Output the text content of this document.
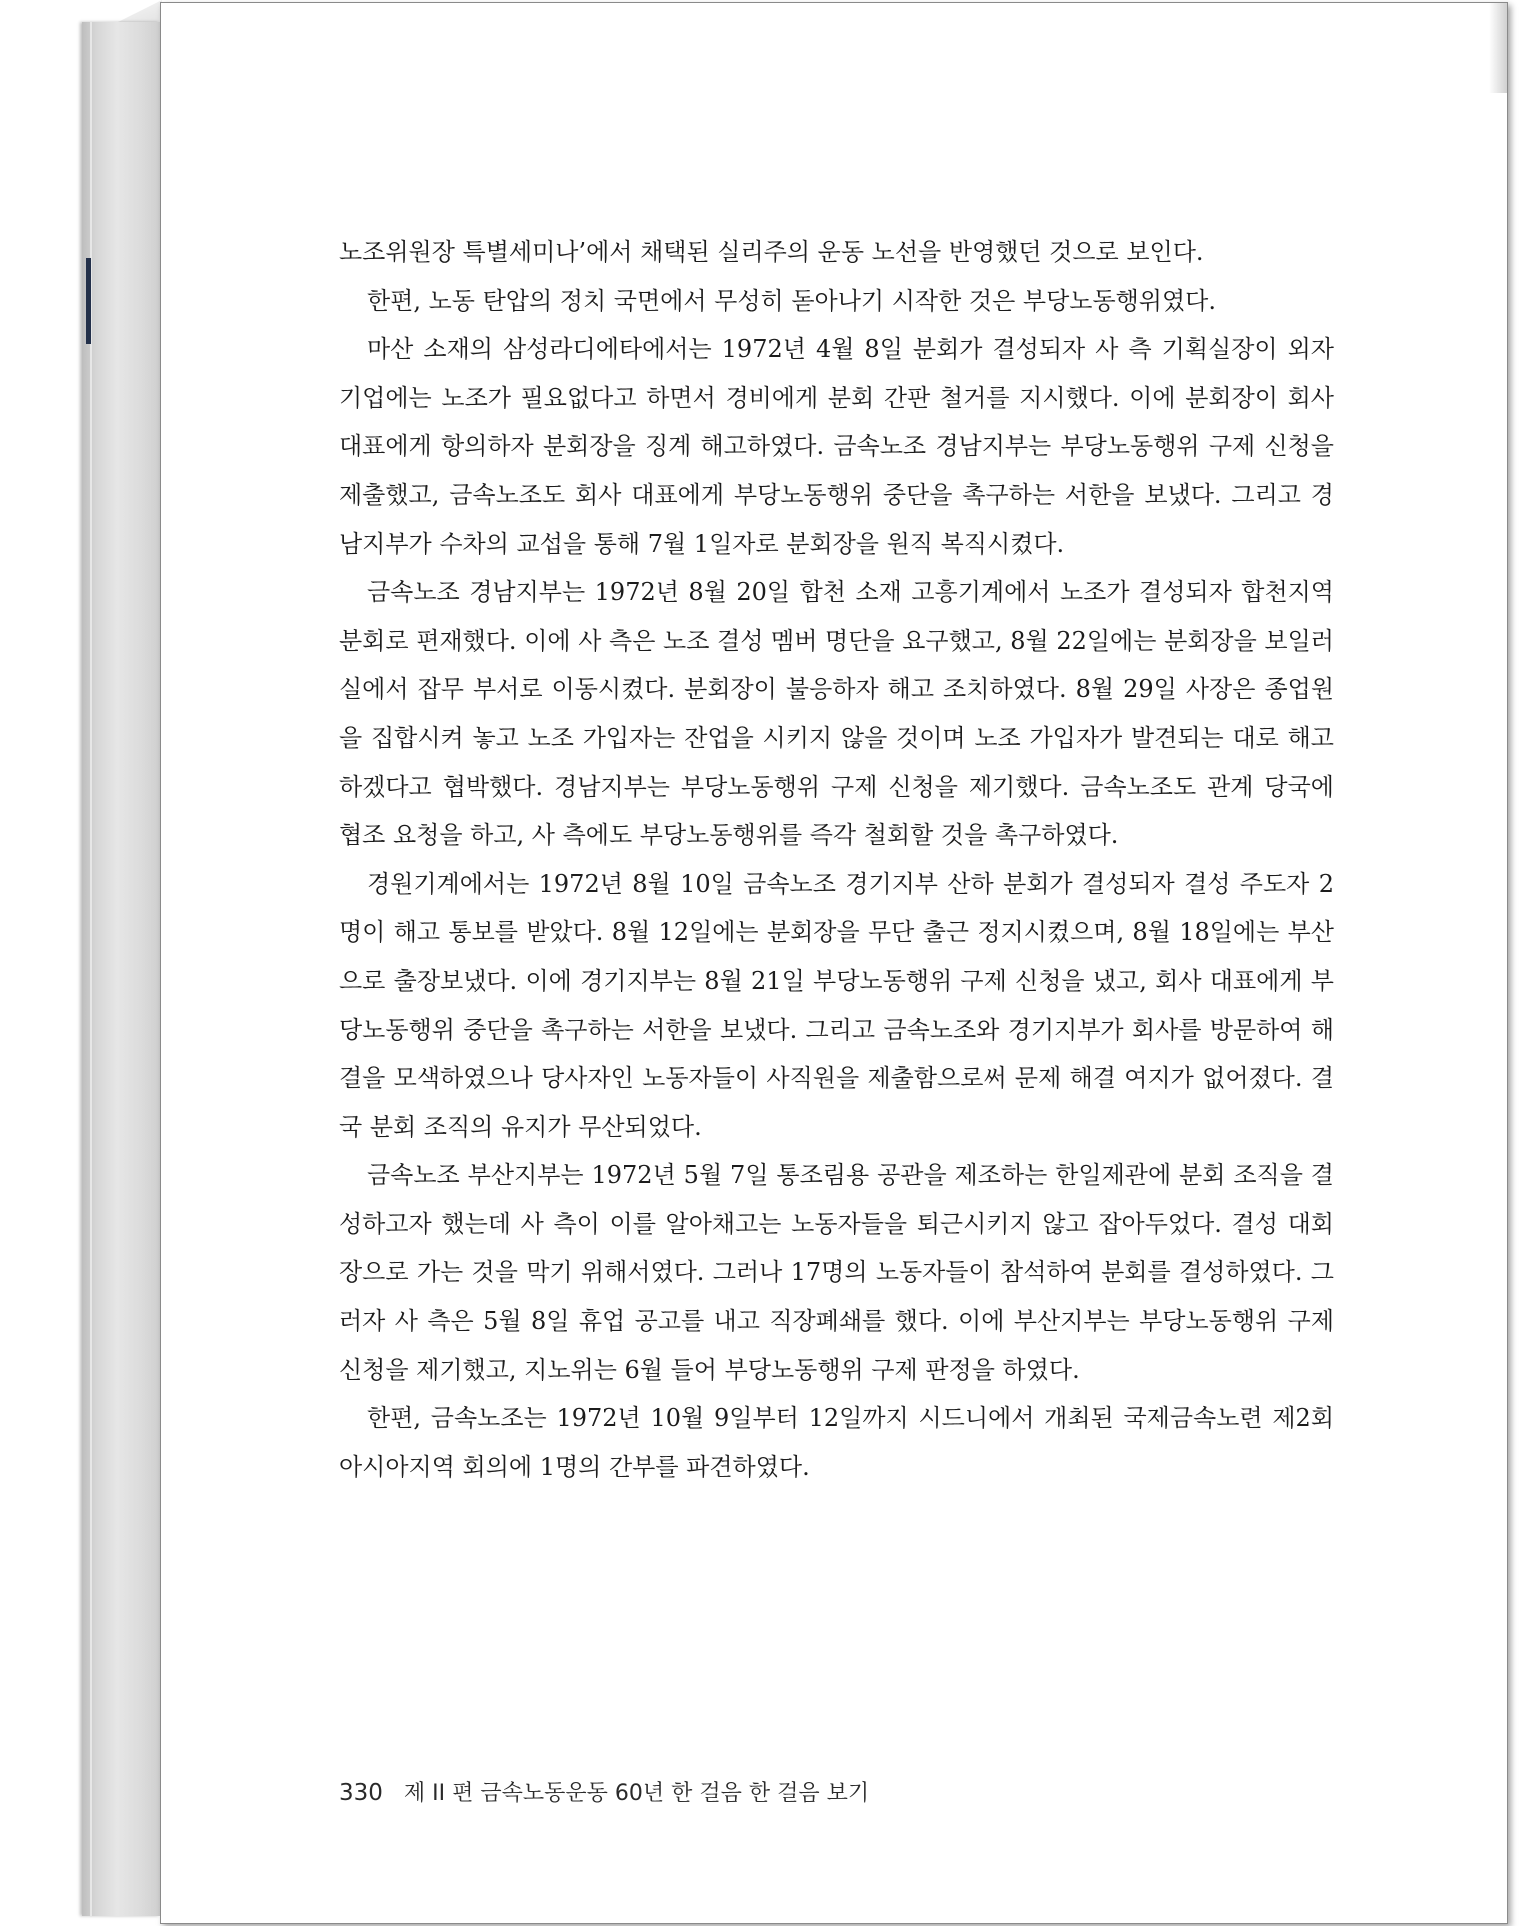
노조위원장 특별세미나’에서 채택된 실리주의 운동 노선을 반영했던 것으로 보인다.

한편, 노동 탄압의 정치 국면에서 무성히 돋아나기 시작한 것은 부당노동행위였다.

마산 소재의 삼성라디에타에서는 1972년 4월 8일 분회가 결성되자 사 측 기획실장이 외자 기업에는 노조가 필요없다고 하면서 경비에게 분회 간판 철거를 지시했다. 이에 분회장이 회사 대표에게 항의하자 분회장을 징계 해고하였다. 금속노조 경남지부는 부당노동행위 구제 신청을 제출했고, 금속노조도 회사 대표에게 부당노동행위 중단을 촉구하는 서한을 보냈다. 그리고 경남지부가 수차의 교섭을 통해 7월 1일자로 분회장을 원직 복직시켰다.

금속노조 경남지부는 1972년 8월 20일 합천 소재 고흥기계에서 노조가 결성되자 합천지역분회로 편재했다. 이에 사 측은 노조 결성 멤버 명단을 요구했고, 8월 22일에는 분회장을 보일러실에서 잡무 부서로 이동시켰다. 분회장이 불응하자 해고 조치하였다. 8월 29일 사장은 종업원을 집합시켜 놓고 노조 가입자는 잔업을 시키지 않을 것이며 노조 가입자가 발견되는 대로 해고하겠다고 협박했다. 경남지부는 부당노동행위 구제 신청을 제기했다. 금속노조도 관계 당국에 협조 요청을 하고, 사 측에도 부당노동행위를 즉각 철회할 것을 촉구하였다.

경원기계에서는 1972년 8월 10일 금속노조 경기지부 산하 분회가 결성되자 결성 주도자 2명이 해고 통보를 받았다. 8월 12일에는 분회장을 무단 출근 정지시켰으며, 8월 18일에는 부산으로 출장보냈다. 이에 경기지부는 8월 21일 부당노동행위 구제 신청을 냈고, 회사 대표에게 부당노동행위 중단을 촉구하는 서한을 보냈다. 그리고 금속노조와 경기지부가 회사를 방문하여 해결을 모색하였으나 당사자인 노동자들이 사직원을 제출함으로써 문제 해결 여지가 없어졌다. 결국 분회 조직의 유지가 무산되었다.

금속노조 부산지부는 1972년 5월 7일 통조림용 공관을 제조하는 한일제관에 분회 조직을 결성하고자 했는데 사 측이 이를 알아채고는 노동자들을 퇴근시키지 않고 잡아두었다. 결성 대회장으로 가는 것을 막기 위해서였다. 그러나 17명의 노동자들이 참석하여 분회를 결성하였다. 그러자 사 측은 5월 8일 휴업 공고를 내고 직장폐쇄를 했다. 이에 부산지부는 부당노동행위 구제 신청을 제기했고, 지노위는 6월 들어 부당노동행위 구제 판정을 하였다.

한편, 금속노조는 1972년 10월 9일부터 12일까지 시드니에서 개최된 국제금속노련 제2회 아시아지역 회의에 1명의 간부를 파견하였다.

330 제 II 편 금속노동운동 60년 한 걸음 한 걸음 보기
